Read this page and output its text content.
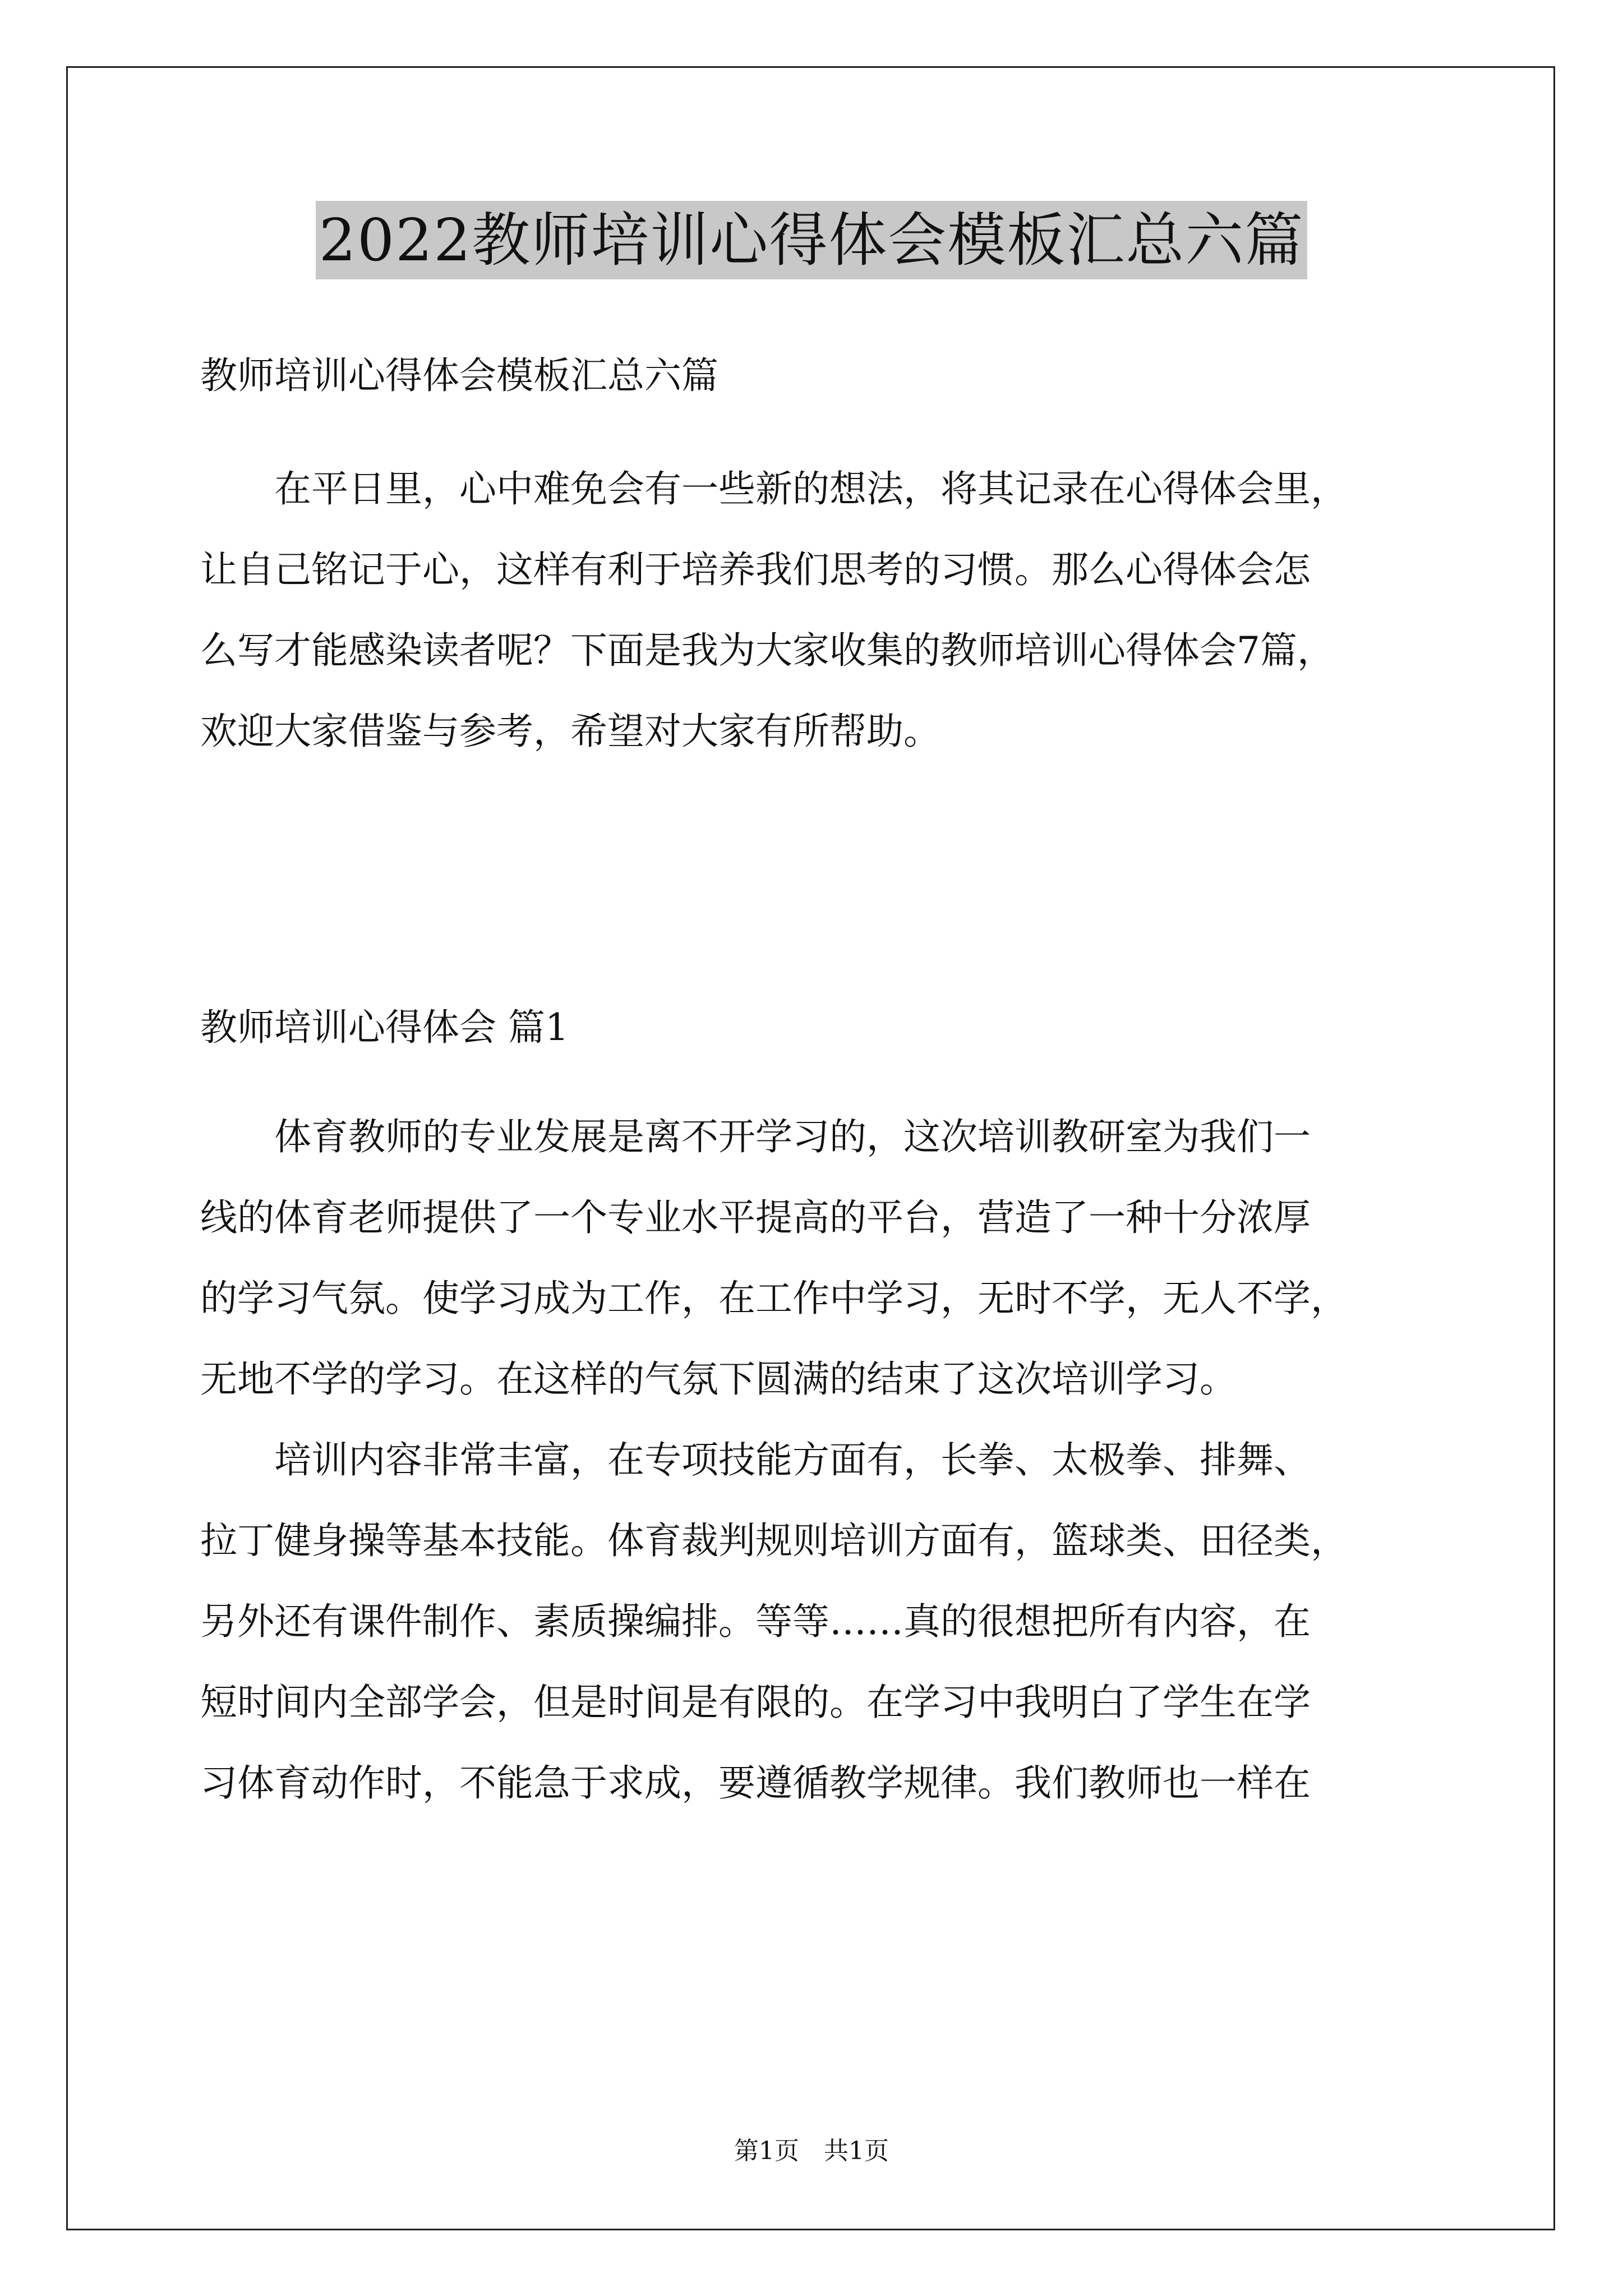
2022教师培训心得体会模板汇总六篇
教师培训心得体会模板汇总六篇
　　在平日里，心中难免会有一些新的想法，将其记录在心得体会里，
让自己铭记于心，这样有利于培养我们思考的习惯。那么心得体会怎
么写才能感染读者呢？下面是我为大家收集的教师培训心得体会7篇，
欢迎大家借鉴与参考，希望对大家有所帮助。
教师培训心得体会 篇1
　　体育教师的专业发展是离不开学习的，这次培训教研室为我们一
线的体育老师提供了一个专业水平提高的平台，营造了一种十分浓厚
的学习气氛。使学习成为工作，在工作中学习，无时不学，无人不学，
无地不学的学习。在这样的气氛下圆满的结束了这次培训学习。
　　培训内容非常丰富，在专项技能方面有，长拳、太极拳、排舞、
拉丁健身操等基本技能。体育裁判规则培训方面有，篮球类、田径类，
另外还有课件制作、素质操编排。等等……真的很想把所有内容，在
短时间内全部学会，但是时间是有限的。在学习中我明白了学生在学
习体育动作时，不能急于求成，要遵循教学规律。我们教师也一样在
第1页　共1页
